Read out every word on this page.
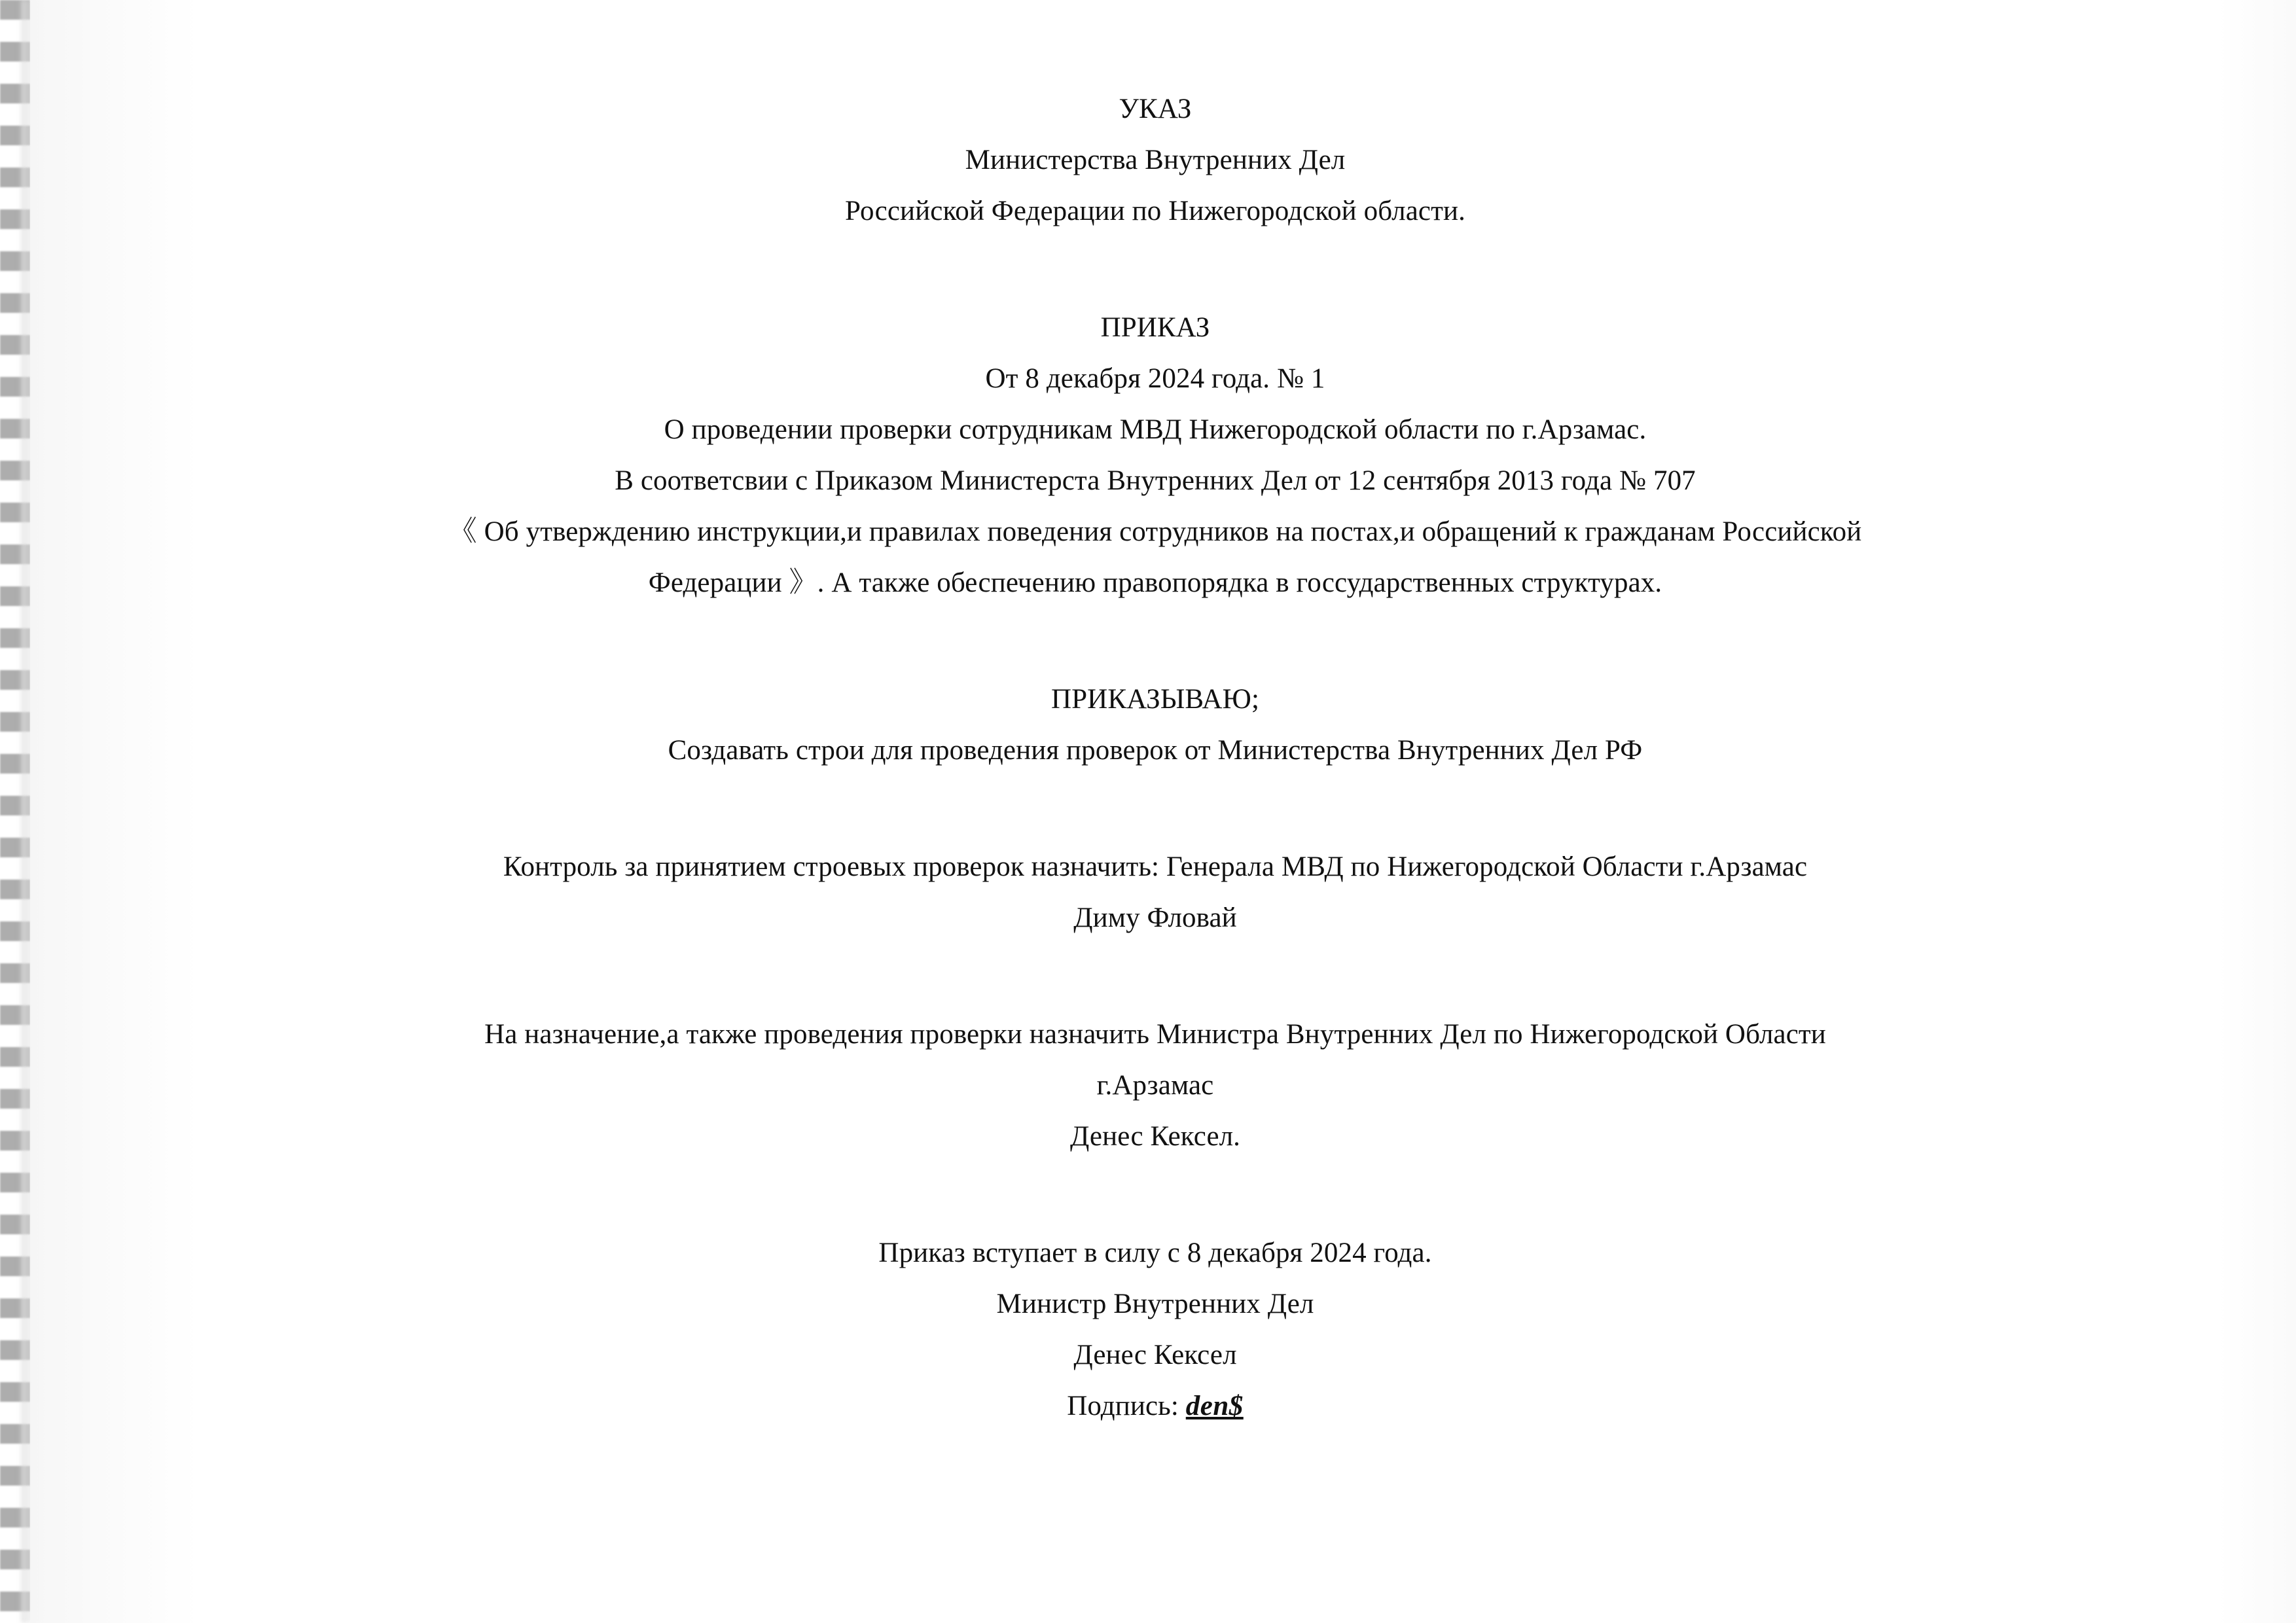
УКАЗ
Министерства Внутренних Дел
Российской Федерации по Нижегородской области.
ПРИКАЗ
От 8 декабря 2024 года. № 1
О проведении проверки сотрудникам МВД Нижегородской области по г.Арзамас.
В соответсвии с Приказом Министерста Внутренних Дел от 12 сентября 2013 года № 707
《 Об утверждению инструкции,и правилах поведения сотрудников на постах,и обращений к гражданам Российской
Федерации 》. А также обеспечению правопорядка в госсударственных структурах.
ПРИКАЗЫВАЮ;
Создавать строи для проведения проверок от Министерства Внутренних Дел РФ
Контроль за принятием строевых проверок назначить: Генерала МВД по Нижегородской Области г.Арзамас
Диму Фловай
На назначение,а также проведения проверки назначить Министра Внутренних Дел по Нижегородской Области
г.Арзамас
Денес Кексел.
Приказ вступает в силу с 8 декабря 2024 года.
Министр Внутренних Дел
Денес Кексел
Подпись: den$
